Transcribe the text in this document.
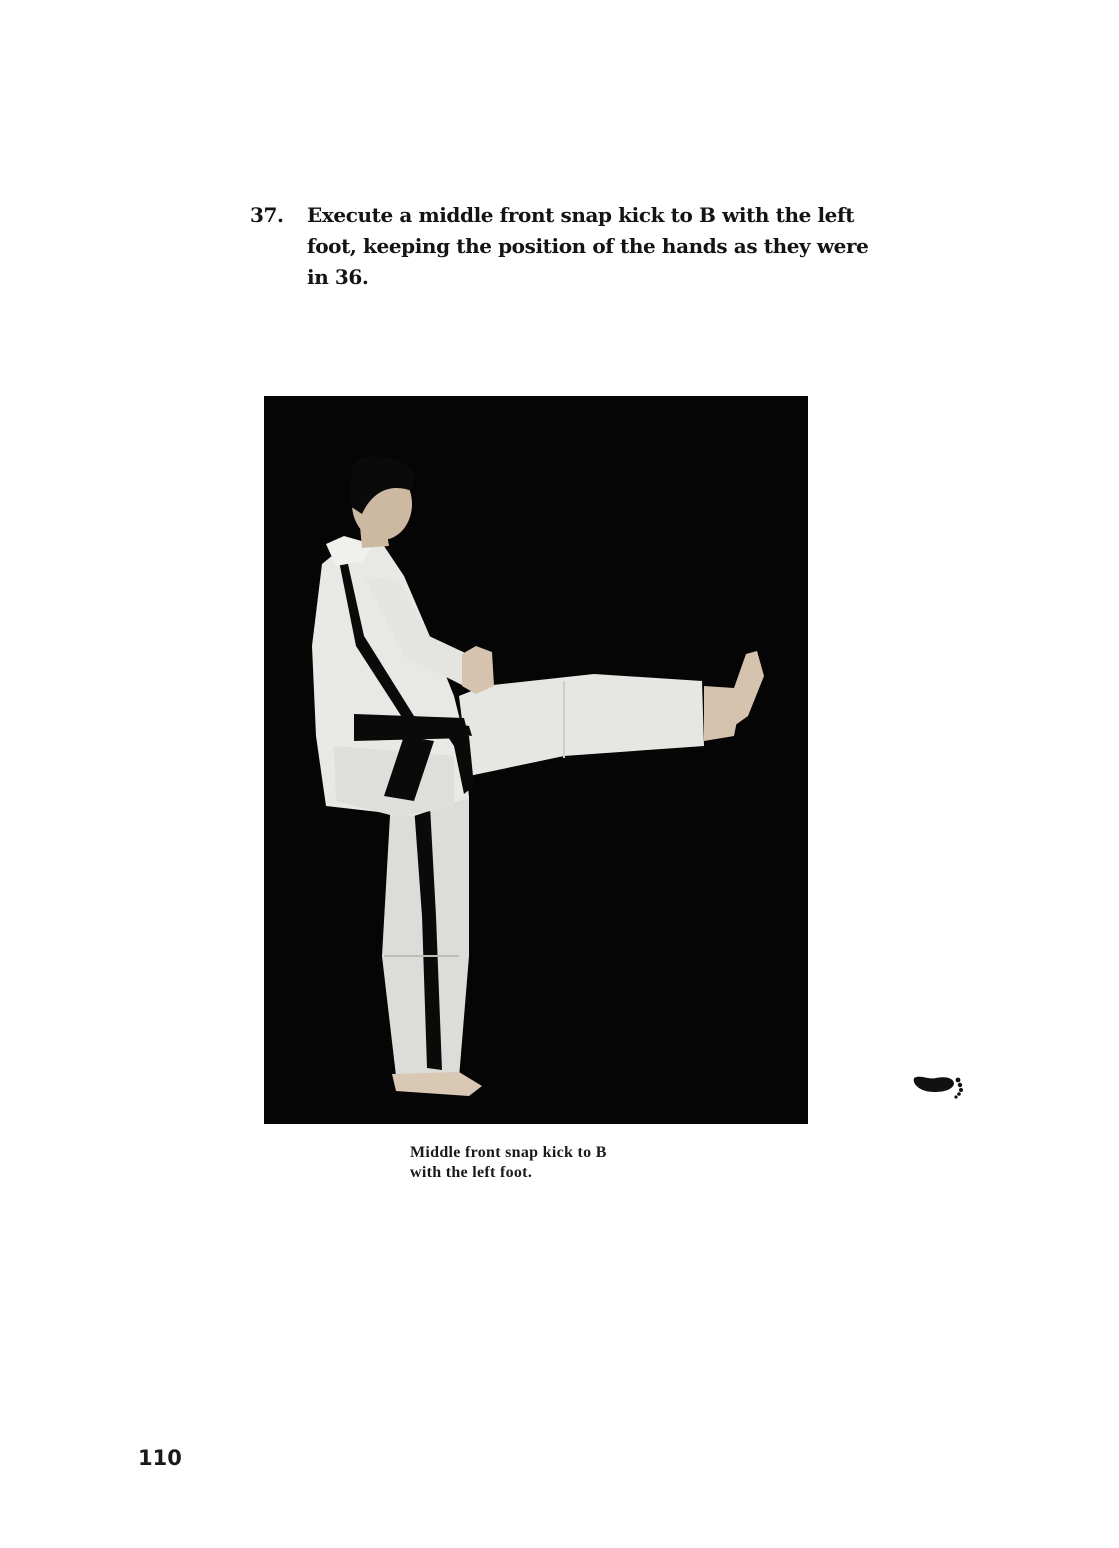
37. Execute a middle front snap kick to B with the left foot, keeping the position of the hands as they were in 36.
Middle front snap kick to B
with the left foot.
110
